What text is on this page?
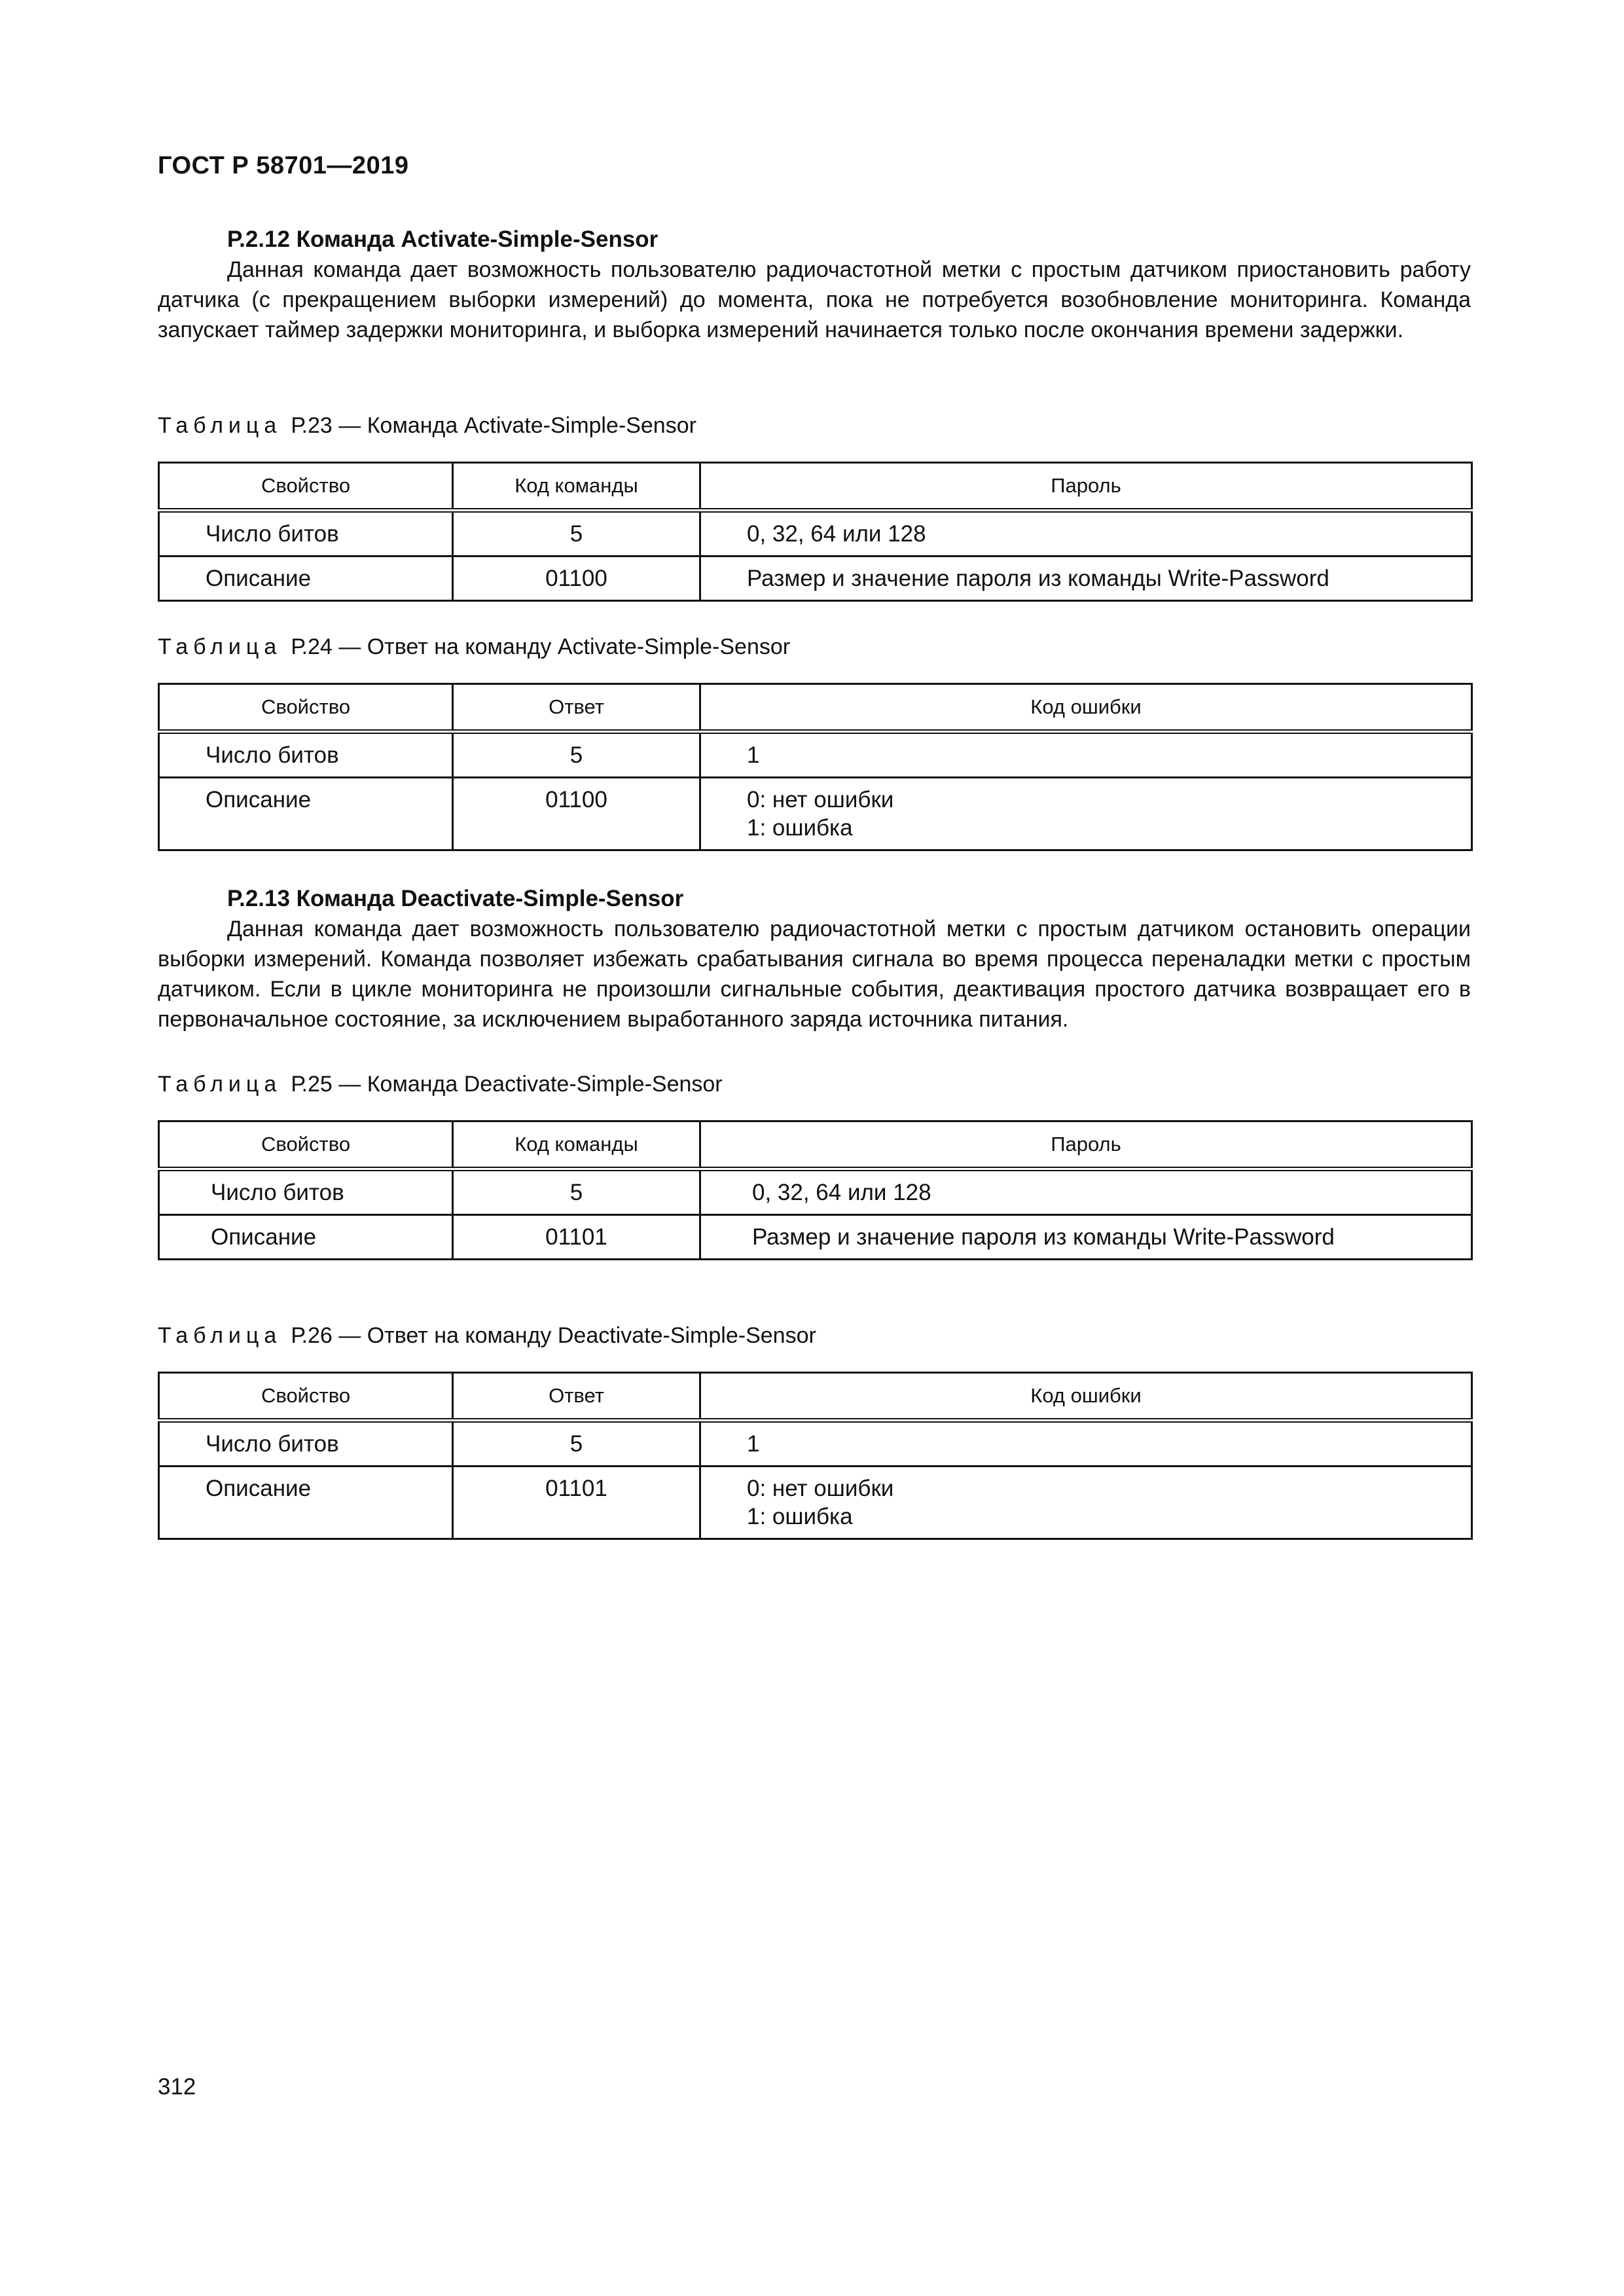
ГОСТ Р 58701—2019
Р.2.12 Команда Activate-Simple-Sensor
Данная команда дает возможность пользователю радиочастотной метки с простым датчиком приостановить работу датчика (с прекращением выборки измерений) до момента, пока не потребуется возобновление мониторинга. Команда запускает таймер задержки мониторинга, и выборка измерений начинается только после окончания времени задержки.
Таблица Р.23 — Команда Activate-Simple-Sensor
Свойство	Код команды	Пароль
Число битов	5	0, 32, 64 или 128
Описание	01100	Размер и значение пароля из команды Write-Password
Таблица Р.24 — Ответ на команду Activate-Simple-Sensor
Свойство	Ответ	Код ошибки
Число битов	5	1
Описание	01100	0: нет ошибки
1: ошибка
Р.2.13 Команда Deactivate-Simple-Sensor
Данная команда дает возможность пользователю радиочастотной метки с простым датчиком остановить операции выборки измерений. Команда позволяет избежать срабатывания сигнала во время процесса переналадки метки с простым датчиком. Если в цикле мониторинга не произошли сигнальные события, деактивация простого датчика возвращает его в первоначальное состояние, за исключением выработанного заряда источника питания.
Таблица Р.25 — Команда Deactivate-Simple-Sensor
Свойство	Код команды	Пароль
Число битов	5	0, 32, 64 или 128
Описание	01101	Размер и значение пароля из команды Write-Password
Таблица Р.26 — Ответ на команду Deactivate-Simple-Sensor
Свойство	Ответ	Код ошибки
Число битов	5	1
Описание	01101	0: нет ошибки
1: ошибка
312
